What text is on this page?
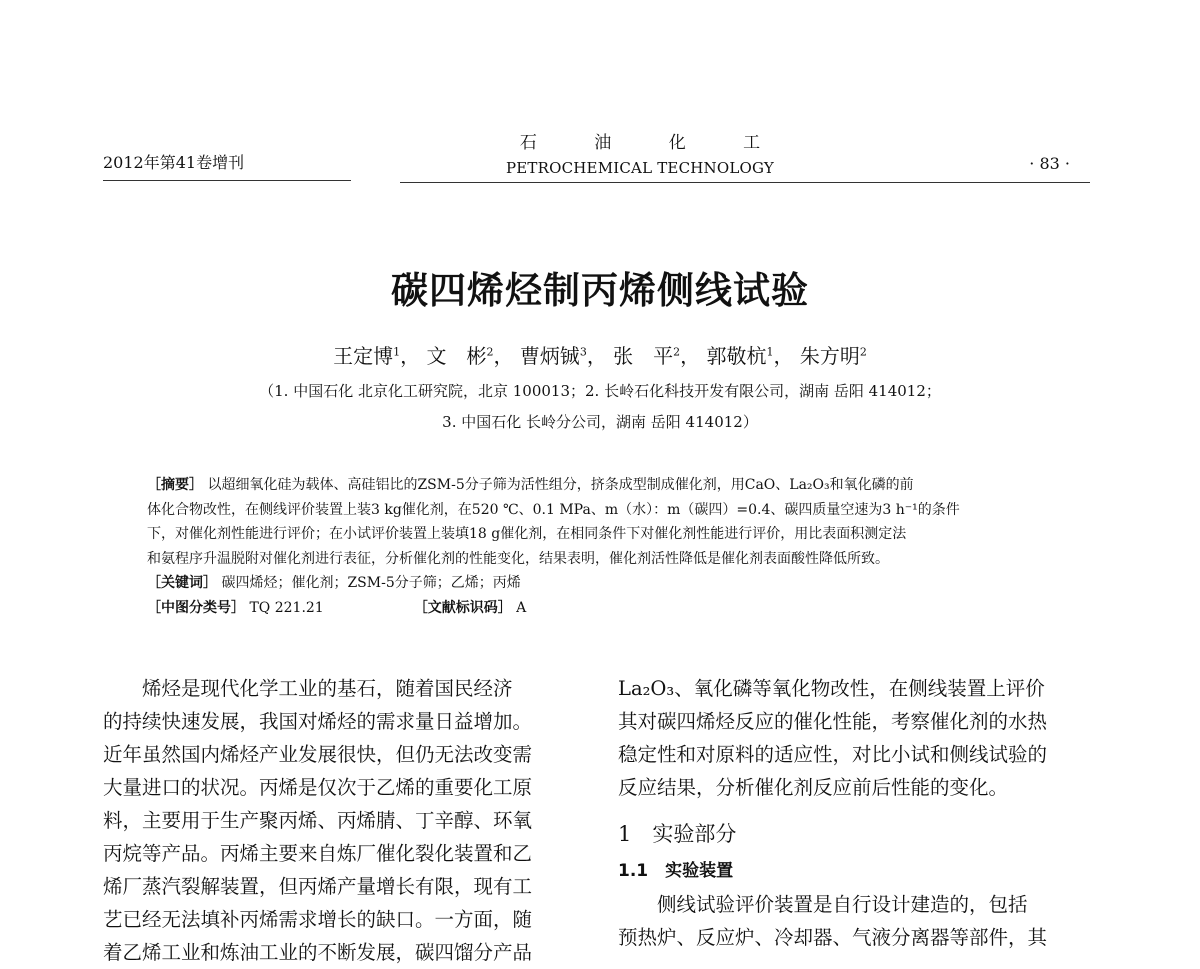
2012年第41卷增刊
石 油 化 工
PETROCHEMICAL TECHNOLOGY	· 83 ·
碳四烯烃制丙烯侧线试验
王定博$^1$， 文　彬$^2$， 曹炳铖$^3$， 张　平$^2$， 郭敬杭$^1$， 朱方明$^2$
（1. 中国石化 北京化工研究院，北京 100013；2. 长岭石化科技开发有限公司，湖南 岳阳 414012；
3. 中国石化 长岭分公司，湖南 岳阳 414012）
［摘要］ 以超细氧化硅为载体、高硅铝比的ZSM-5分子筛为活性组分，挤条成型制成催化剂，用CaO、La₂O₃和氧化磷的前
体化合物改性，在侧线评价装置上装3 kg催化剂，在520 ℃、0.1 MPa、m（水）：m（碳四）=0.4、碳四质量空速为3 h⁻¹的条件
下，对催化剂性能进行评价；在小试评价装置上装填18 g催化剂，在相同条件下对催化剂性能进行评价，用比表面积测定法
和氨程序升温脱附对催化剂进行表征，分析催化剂的性能变化，结果表明，催化剂活性降低是催化剂表面酸性降低所致。
［关键词］ 碳四烯烃；催化剂；ZSM-5分子筛；乙烯；丙烯
［中图分类号］
TQ 221.21	［文献标识码］
A
烯烃是现代化学工业的基石，随着国民经济
的持续快速发展，我国对烯烃的需求量日益增加。
近年虽然国内烯烃产业发展很快，但仍无法改变需
大量进口的状况。丙烯是仅次于乙烯的重要化工原
料，主要用于生产聚丙烯、丙烯腈、丁辛醇、环氧
丙烷等产品。丙烯主要来自炼厂催化裂化装置和乙
烯厂蒸汽裂解装置，但丙烯产量增长有限，现有工
艺已经无法填补丙烯需求增长的缺口。一方面，随
着乙烯工业和炼油工业的不断发展，碳四馏分产品
La₂O₃、氧化磷等氧化物改性，在侧线装置上评价
其对碳四烯烃反应的催化性能，考察催化剂的水热
稳定性和对原料的适应性，对比小试和侧线试验的
反应结果，分析催化剂反应前后性能的变化。
1　实验部分
1.1　实验装置
侧线试验评价装置是自行设计建造的，包括
预热炉、反应炉、冷却器、气液分离器等部件，其
